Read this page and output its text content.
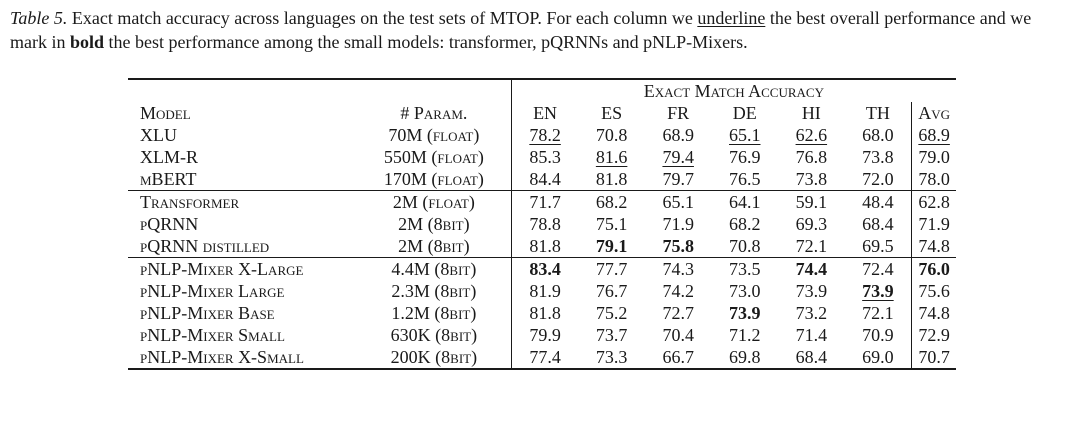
Table 5. Exact match accuracy across languages on the test sets of MTOP. For each column we underline the best overall performance and we mark in bold the best performance among the small models: transformer, pQRNNs and pNLP-Mixers.
		Exact Match Accuracy						
Model	# Param.	EN	ES	FR	DE	HI	TH	Avg
XLU	70M (float)	78.2	70.8	68.9	65.1	62.6	68.0	68.9
XLM-R	550M (float)	85.3	81.6	79.4	76.9	76.8	73.8	79.0
mBERT	170M (float)	84.4	81.8	79.7	76.5	73.8	72.0	78.0
Transformer	2M (float)	71.7	68.2	65.1	64.1	59.1	48.4	62.8
pQRNN	2M (8bit)	78.8	75.1	71.9	68.2	69.3	68.4	71.9
pQRNN distilled	2M (8bit)	81.8	79.1	75.8	70.8	72.1	69.5	74.8
pNLP-Mixer X-Large	4.4M (8bit)	83.4	77.7	74.3	73.5	74.4	72.4	76.0
pNLP-Mixer Large	2.3M (8bit)	81.9	76.7	74.2	73.0	73.9	73.9	75.6
pNLP-Mixer Base	1.2M (8bit)	81.8	75.2	72.7	73.9	73.2	72.1	74.8
pNLP-Mixer Small	630K (8bit)	79.9	73.7	70.4	71.2	71.4	70.9	72.9
pNLP-Mixer X-Small	200K (8bit)	77.4	73.3	66.7	69.8	68.4	69.0	70.7
